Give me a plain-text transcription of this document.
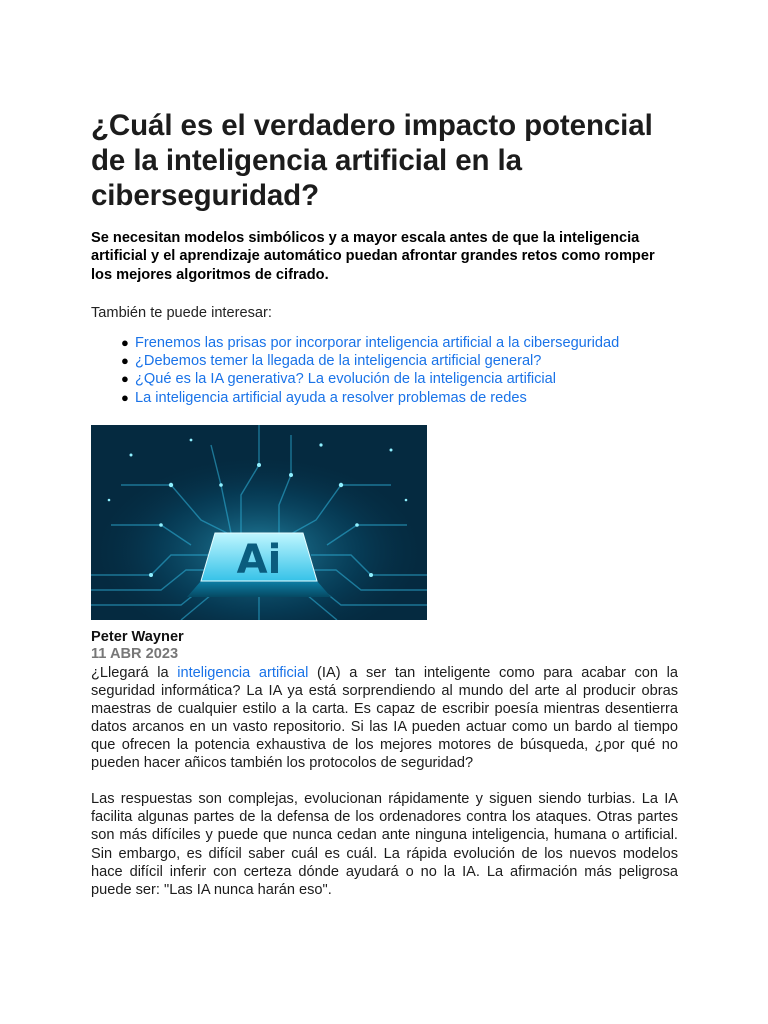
¿Cuál es el verdadero impacto potencial de la inteligencia artificial en la ciberseguridad?

Se necesitan modelos simbólicos y a mayor escala antes de que la inteligencia artificial y el aprendizaje automático puedan afrontar grandes retos como romper los mejores algoritmos de cifrado.

También te puede interesar:

● Frenemos las prisas por incorporar inteligencia artificial a la ciberseguridad
● ¿Debemos temer la llegada de la inteligencia artificial general?
● ¿Qué es la IA generativa? La evolución de la inteligencia artificial
● La inteligencia artificial ayuda a resolver problemas de redes
Ai
Peter Wayner
11 ABR 2023

¿Llegará la inteligencia artificial (IA) a ser tan inteligente como para acabar con la seguridad informática? La IA ya está sorprendiendo al mundo del arte al producir obras maestras de cualquier estilo a la carta. Es capaz de escribir poesía mientras desentierra datos arcanos en un vasto repositorio. Si las IA pueden actuar como un bardo al tiempo que ofrecen la potencia exhaustiva de los mejores motores de búsqueda, ¿por qué no pueden hacer añicos también los protocolos de seguridad?

Las respuestas son complejas, evolucionan rápidamente y siguen siendo turbias. La IA facilita algunas partes de la defensa de los ordenadores contra los ataques. Otras partes son más difíciles y puede que nunca cedan ante ninguna inteligencia, humana o artificial. Sin embargo, es difícil saber cuál es cuál. La rápida evolución de los nuevos modelos hace difícil inferir con certeza dónde ayudará o no la IA. La afirmación más peligrosa puede ser: "Las IA nunca harán eso".
